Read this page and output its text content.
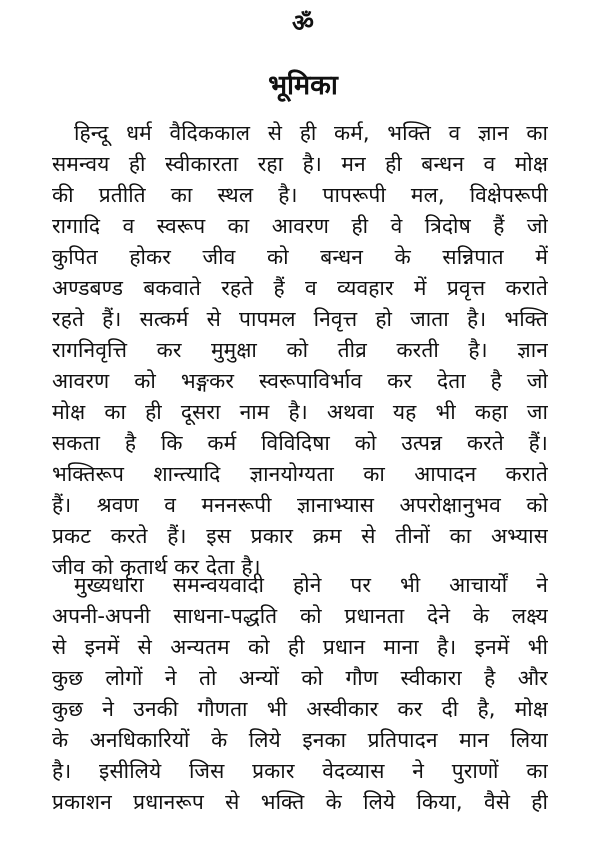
ॐ
भूमिका
हिन्दू धर्म वैदिककाल से ही कर्म, भक्ति व ज्ञान का
समन्वय ही स्वीकारता रहा है। मन ही बन्धन व मोक्ष
की प्रतीति का स्थल है। पापरूपी मल, विक्षेपरूपी
रागादि व स्वरूप का आवरण ही वे त्रिदोष हैं जो
कुपित होकर जीव को बन्धन के सन्निपात में
अण्डबण्ड बकवाते रहते हैं व व्यवहार में प्रवृत्त कराते
रहते हैं। सत्कर्म से पापमल निवृत्त हो जाता है। भक्ति
रागनिवृत्ति कर मुमुक्षा को तीव्र करती है। ज्ञान
आवरण को भङ्गकर स्वरूपाविर्भाव कर देता है जो
मोक्ष का ही दूसरा नाम है। अथवा यह भी कहा जा
सकता है कि कर्म विविदिषा को उत्पन्न करते हैं।
भक्तिरूप शान्त्यादि ज्ञानयोग्यता का आपादन कराते
हैं। श्रवण व मननरूपी ज्ञानाभ्यास अपरोक्षानुभव को
प्रकट करते हैं। इस प्रकार क्रम से तीनों का अभ्यास
जीव को कृतार्थ कर देता है।
मुख्यधारा समन्वयवादी होने पर भी आचार्यों ने
अपनी-अपनी साधना-पद्धति को प्रधानता देने के लक्ष्य
से इनमें से अन्यतम को ही प्रधान माना है। इनमें भी
कुछ लोगों ने तो अन्यों को गौण स्वीकारा है और
कुछ ने उनकी गौणता भी अस्वीकार कर दी है, मोक्ष
के अनधिकारियों के लिये इनका प्रतिपादन मान लिया
है। इसीलिये जिस प्रकार वेदव्यास ने पुराणों का
प्रकाशन प्रधानरूप से भक्ति के लिये किया, वैसे ही
